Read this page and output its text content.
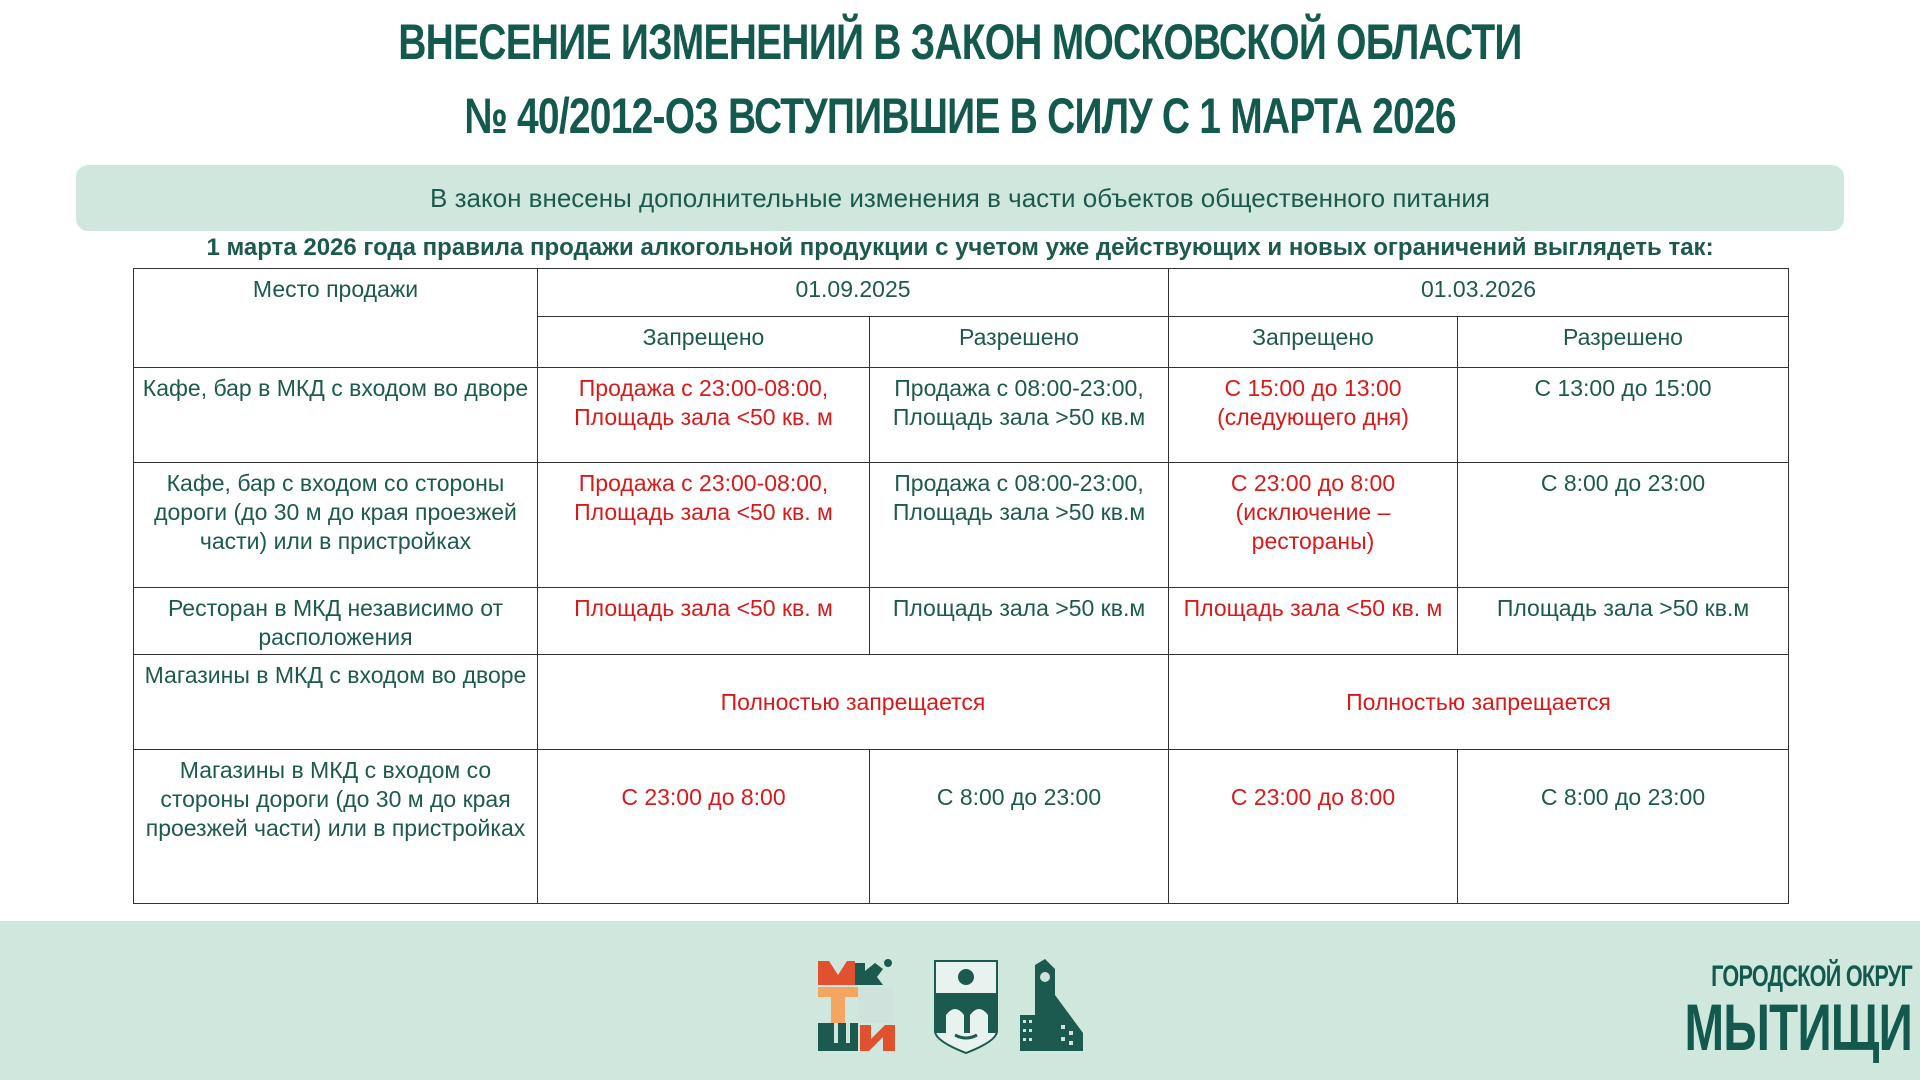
ВНЕСЕНИЕ ИЗМЕНЕНИЙ В ЗАКОН МОСКОВСКОЙ ОБЛАСТИ
№ 40/2012-ОЗ ВСТУПИВШИЕ В СИЛУ С 1 МАРТА 2026
В закон внесены дополнительные изменения в части объектов общественного питания
1 марта 2026 года правила продажи алкогольной продукции с учетом уже действующих и новых ограничений выглядеть так:
Место продажи	01.09.2025		01.03.2026	
	Запрещено	Разрешено	Запрещено	Разрешено
Кафе, бар в МКД с входом во дворе	Продажа с 23:00-08:00, Площадь зала <50 кв. м	Продажа с 08:00-23:00, Площадь зала >50 кв.м	С 15:00 до 13:00 (следующего дня)	С 13:00 до 15:00
Кафе, бар с входом со стороны дороги (до 30 м до края проезжей части) или в пристройках	Продажа с 23:00-08:00, Площадь зала <50 кв. м	Продажа с 08:00-23:00, Площадь зала >50 кв.м	С 23:00 до 8:00 (исключение – рестораны)	С 8:00 до 23:00
Ресторан в МКД независимо от расположения	Площадь зала <50 кв. м	Площадь зала >50 кв.м	Площадь зала <50 кв. м	Площадь зала >50 кв.м
Магазины в МКД с входом во дворе	Полностью запрещается		Полностью запрещается	
Магазины в МКД с входом со стороны дороги (до 30 м до края проезжей части) или в пристройках	С 23:00 до 8:00	С 8:00 до 23:00	С 23:00 до 8:00	С 8:00 до 23:00
ГОРОДСКОЙ ОКРУГ
МЫТИЩИ
